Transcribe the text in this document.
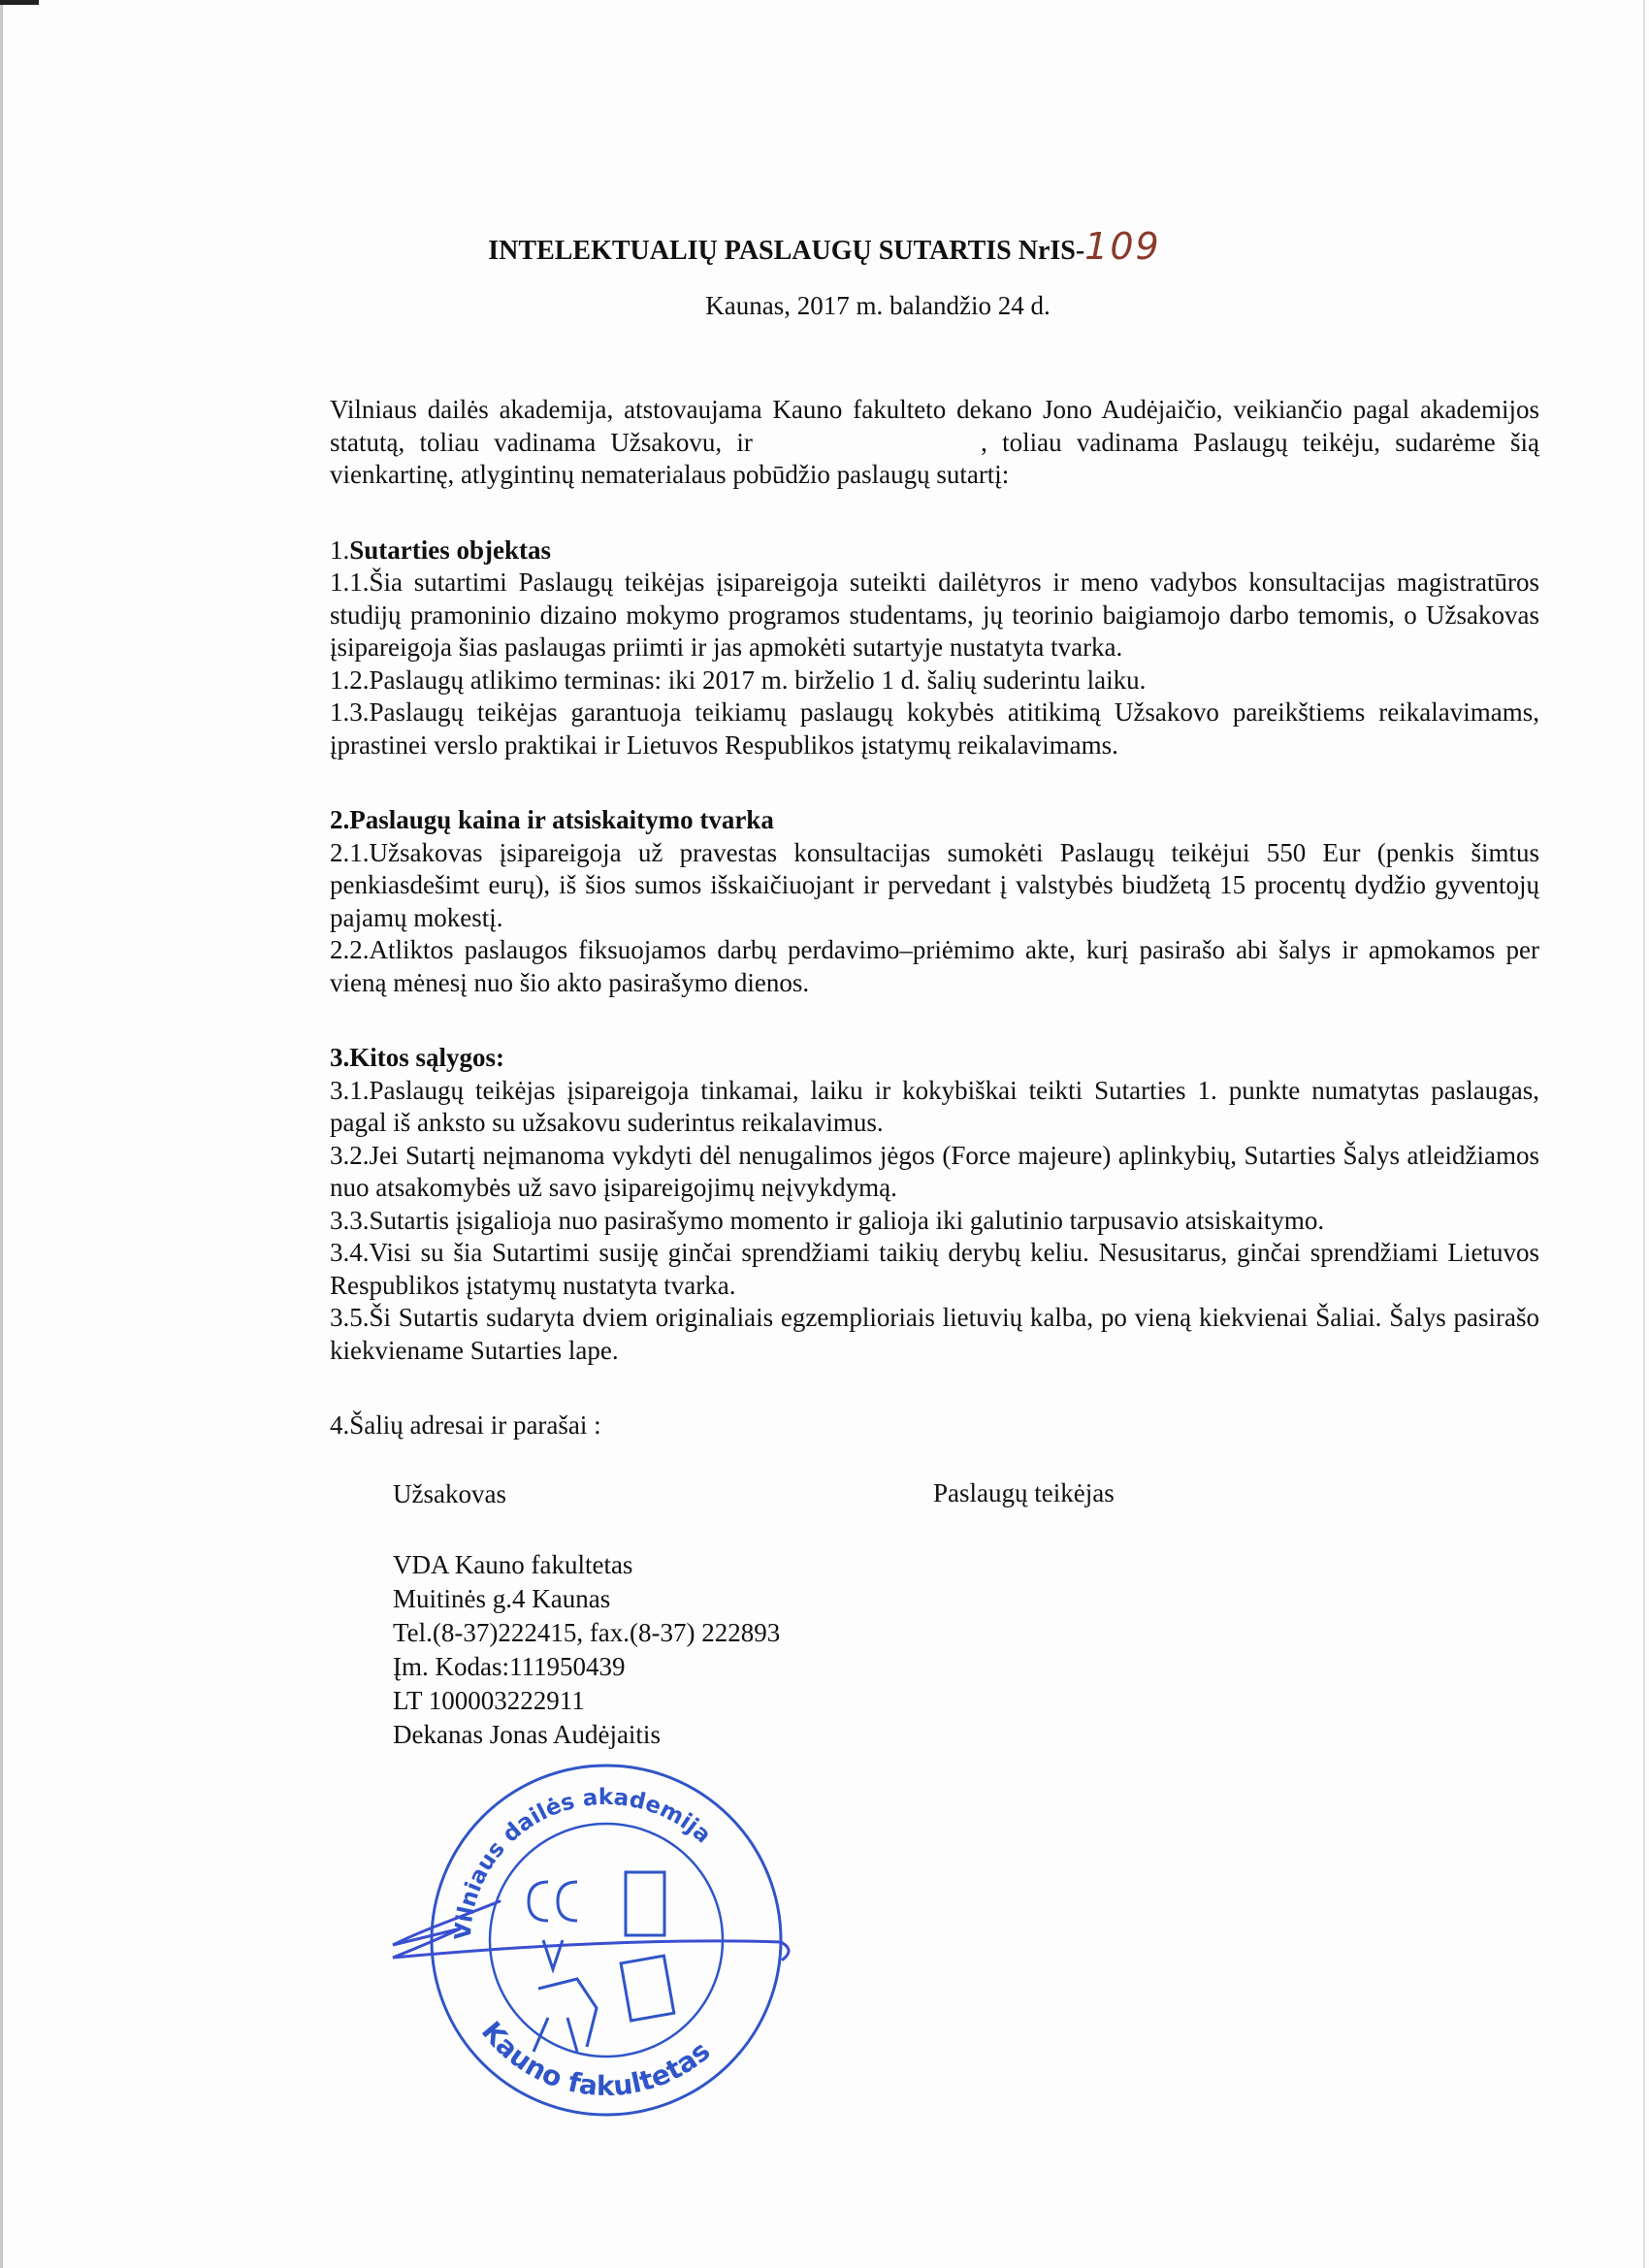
INTELEKTUALIŲ PASLAUGŲ SUTARTIS NrIS-109
Kaunas, 2017 m. balandžio 24 d.

Vilniaus dailės akademija, atstovaujama Kauno fakulteto dekano Jono Audėjaičio, veikiančio pagal akademijos statutą, toliau vadinama Užsakovu, ir	, toliau vadinama Paslaugų teikėju, sudarėme šią vienkartinę, atlygintinų nematerialaus pobūdžio paslaugų sutartį:

1.Sutarties objektas

1.1.Šia sutartimi Paslaugų teikėjas įsipareigoja suteikti dailėtyros ir meno vadybos konsultacijas magistratūros studijų pramoninio dizaino mokymo programos studentams, jų teorinio baigiamojo darbo temomis, o Užsakovas įsipareigoja šias paslaugas priimti ir jas apmokėti sutartyje nustatyta tvarka.

1.2.Paslaugų atlikimo terminas: iki 2017 m. birželio 1 d. šalių suderintu laiku.

1.3.Paslaugų teikėjas garantuoja teikiamų paslaugų kokybės atitikimą Užsakovo pareikštiems reikalavimams, įprastinei verslo praktikai ir Lietuvos Respublikos įstatymų reikalavimams.

2.Paslaugų kaina ir atsiskaitymo tvarka

2.1.Užsakovas įsipareigoja už pravestas konsultacijas sumokėti Paslaugų teikėjui 550 Eur (penkis šimtus penkiasdešimt eurų), iš šios sumos išskaičiuojant ir pervedant į valstybės biudžetą 15 procentų dydžio gyventojų pajamų mokestį.

2.2.Atliktos paslaugos fiksuojamos darbų perdavimo–priėmimo akte, kurį pasirašo abi šalys ir apmokamos per vieną mėnesį nuo šio akto pasirašymo dienos.

3.Kitos sąlygos:

3.1.Paslaugų teikėjas įsipareigoja tinkamai, laiku ir kokybiškai teikti Sutarties 1. punkte numatytas paslaugas, pagal iš anksto su užsakovu suderintus reikalavimus.

3.2.Jei Sutartį neįmanoma vykdyti dėl nenugalimos jėgos (Force majeure) aplinkybių, Sutarties Šalys atleidžiamos nuo atsakomybės už savo įsipareigojimų neįvykdymą.

3.3.Sutartis įsigalioja nuo pasirašymo momento ir galioja iki galutinio tarpusavio atsiskaitymo.

3.4.Visi su šia Sutartimi susiję ginčai sprendžiami taikių derybų keliu. Nesusitarus, ginčai sprendžiami Lietuvos Respublikos įstatymų nustatyta tvarka.

3.5.Ši Sutartis sudaryta dviem originaliais egzemplioriais lietuvių kalba, po vieną kiekvienai Šaliai. Šalys pasirašo kiekviename Sutarties lape.

4.Šalių adresai ir parašai :

Užsakovas
VDA Kauno fakultetas
Muitinės g.4 Kaunas
Tel.(8-37)222415, fax.(8-37) 222893
Įm. Kodas:111950439
LT 100003222911
Dekanas Jonas Audėjaitis
Vilniaus dailės akademija
Kauno fakultetas
Paslaugų teikėjas
